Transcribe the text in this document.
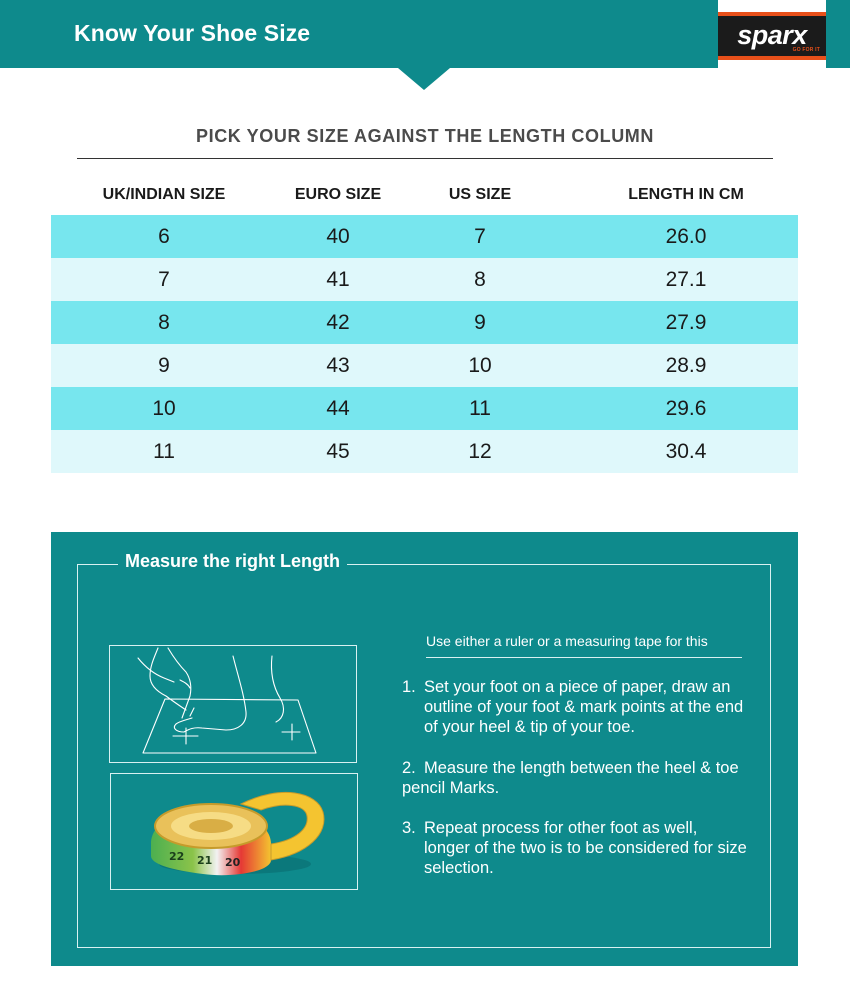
Know Your Shoe Size	sparx
GO FOR IT
PICK YOUR SIZE AGAINST THE LENGTH COLUMN
UK/INDIAN SIZE	EURO SIZE	US SIZE	LENGTH IN CM
6	40	7	26.0
7	41	8	27.1
8	42	9	27.9
9	43	10	28.9
10	44	11	29.6
11	45	12	30.4
Measure the right Length
22 21 20
Use either a ruler or a measuring tape for this
1. Set your foot on a piece of paper, draw an outline of your foot & mark points at the end of your heel & tip of your toe.
2. Measure the length between the heel & toe pencil Marks.
3. Repeat process for other foot as well, longer of the two is to be considered for size selection.
